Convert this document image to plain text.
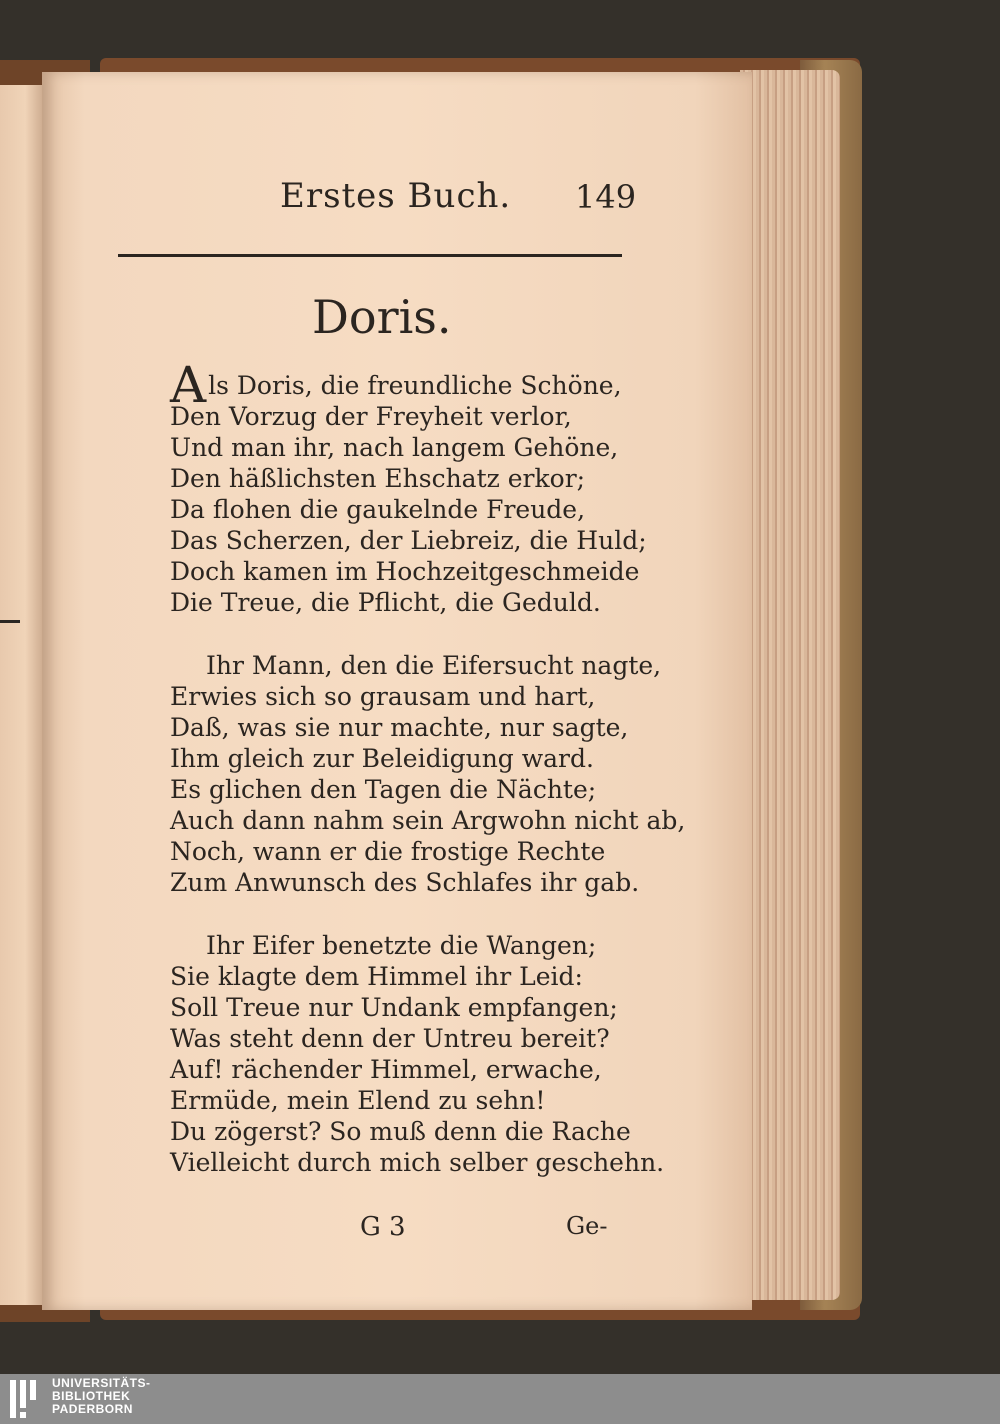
Erstes Buch. 149
Doris.
Als Doris, die freundliche Schöne,
Den Vorzug der Freyheit verlor,
Und man ihr, nach langem Gehöne,
Den häßlichsten Ehschatz erkor;
Da flohen die gaukelnde Freude,
Das Scherzen, der Liebreiz, die Huld;
Doch kamen im Hochzeitgeschmeide
Die Treue, die Pflicht, die Geduld.
Ihr Mann, den die Eifersucht nagte,
Erwies sich so grausam und hart,
Daß, was sie nur machte, nur sagte,
Ihm gleich zur Beleidigung ward.
Es glichen den Tagen die Nächte;
Auch dann nahm sein Argwohn nicht ab,
Noch, wann er die frostige Rechte
Zum Anwunsch des Schlafes ihr gab.
Ihr Eifer benetzte die Wangen;
Sie klagte dem Himmel ihr Leid:
Soll Treue nur Undank empfangen;
Was steht denn der Untreu bereit?
Auf! rächender Himmel, erwache,
Ermüde, mein Elend zu sehn!
Du zögerst? So muß denn die Rache
Vielleicht durch mich selber geschehn.
G 3	Ge-
UNIVERSITÄTS-
BIBLIOTHEK
PADERBORN
